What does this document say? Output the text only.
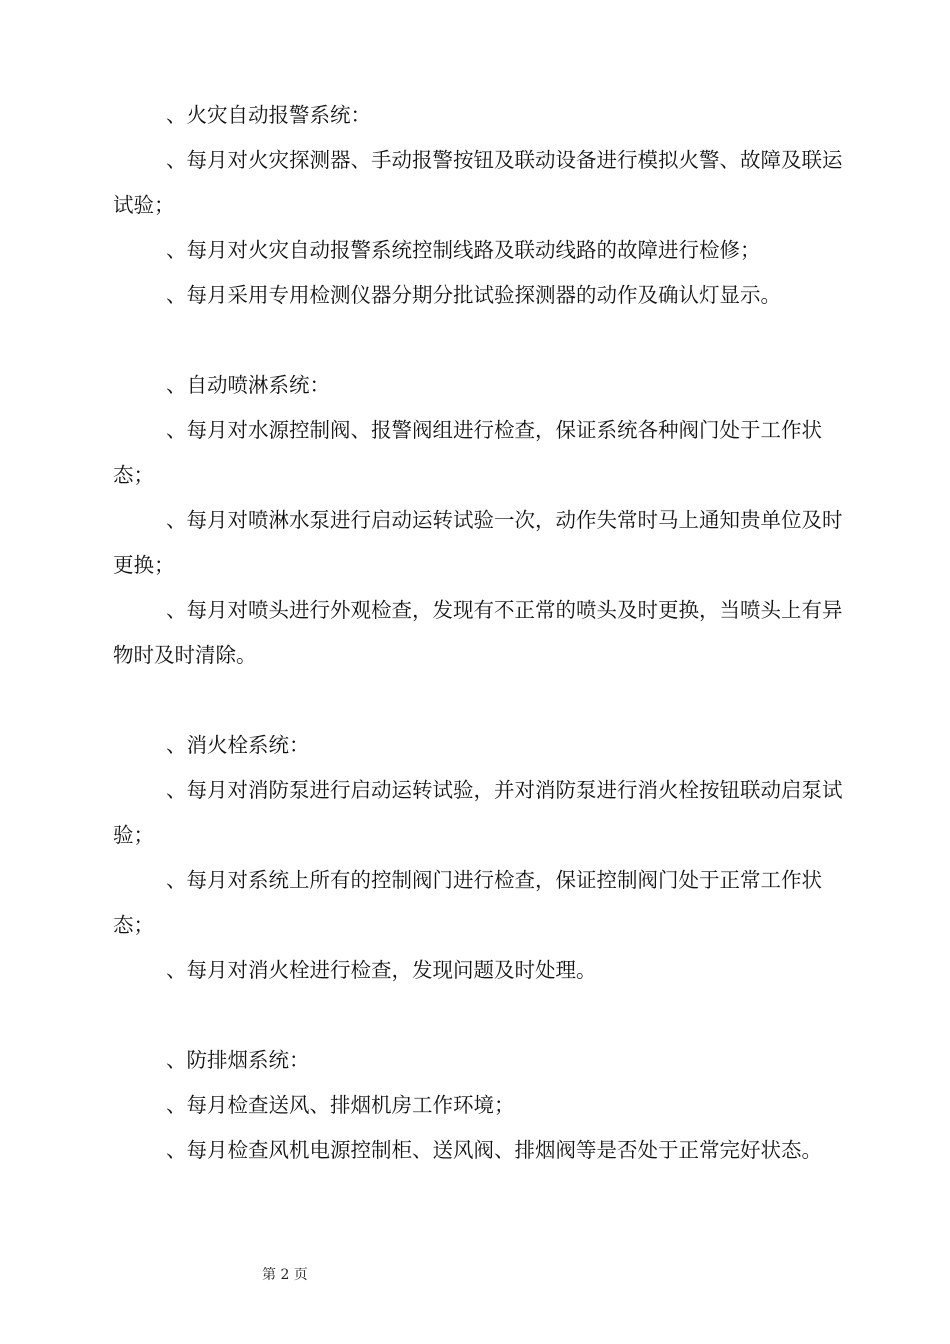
、火灾自动报警系统：

、每月对火灾探测器、手动报警按钮及联动设备进行模拟火警、故障及联运试验；

、每月对火灾自动报警系统控制线路及联动线路的故障进行检修；

、每月采用专用检测仪器分期分批试验探测器的动作及确认灯显示。

、自动喷淋系统：

、每月对水源控制阀、报警阀组进行检查，保证系统各种阀门处于工作状态；

、每月对喷淋水泵进行启动运转试验一次，动作失常时马上通知贵单位及时更换；

、每月对喷头进行外观检查，发现有不正常的喷头及时更换，当喷头上有异物时及时清除。

、消火栓系统：

、每月对消防泵进行启动运转试验，并对消防泵进行消火栓按钮联动启泵试验；

、每月对系统上所有的控制阀门进行检查，保证控制阀门处于正常工作状态；

、每月对消火栓进行检查，发现问题及时处理。

、防排烟系统：

、每月检查送风、排烟机房工作环境；

、每月检查风机电源控制柜、送风阀、排烟阀等是否处于正常完好状态。

第 2 页
